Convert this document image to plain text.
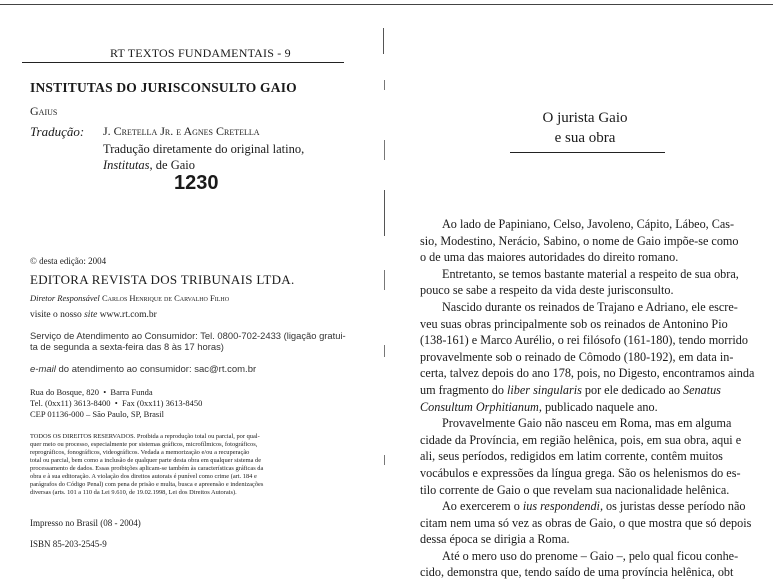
RT TEXTOS FUNDAMENTAIS - 9
INSTITUTAS DO JURISCONSULTO GAIO
Gaius
Tradução: J. Cretella Jr. e Agnes Cretella
Tradução diretamente do original latino,
Institutas, de Gaio
1230
© desta edição: 2004
EDITORA REVISTA DOS TRIBUNAIS LTDA.
Diretor Responsável Carlos Henrique de Carvalho Filho
visite o nosso site www.rt.com.br
Serviço de Atendimento ao Consumidor: Tel. 0800-702-2433 (ligação gratui-
ta de segunda a sexta-feira das 8 às 17 horas)
e-mail do atendimento ao consumidor: sac@rt.com.br
Rua do Bosque, 820  •  Barra Funda
Tel. (0xx11) 3613-8400  •  Fax (0xx11) 3613-8450
CEP 01136-000 – São Paulo, SP, Brasil
TODOS OS DIREITOS RESERVADOS. Proibida a reprodução total ou parcial, por qual-
quer meio ou processo, especialmente por sistemas gráficos, microfílmicos, fotográficos,
reprográficos, fonográficos, videográficos. Vedada a memorização e/ou a recuperação
total ou parcial, bem como a inclusão de qualquer parte desta obra em qualquer sistema de
processamento de dados. Essas proibições aplicam-se também às características gráficas da
obra e à sua editoração. A violação dos direitos autorais é punível como crime (art. 184 e
parágrafos do Código Penal) com pena de prisão e multa, busca e apreensão e indenizações
diversas (arts. 101 a 110 da Lei 9.610, de 19.02.1998, Lei dos Direitos Autorais).
Impresso no Brasil (08 - 2004)
ISBN 85-203-2545-9
O jurista Gaio
e sua obra

Ao lado de Papiniano, Celso, Javoleno, Cápito, Lábeo, Cas-

sio, Modestino, Nerácio, Sabino, o nome de Gaio impõe-se como

o de uma das maiores autoridades do direito romano.

Entretanto, se temos bastante material a respeito de sua obra,

pouco se sabe a respeito da vida deste jurisconsulto.

Nascido durante os reinados de Trajano e Adriano, ele escre-

veu suas obras principalmente sob os reinados de Antonino Pio

(138-161) e Marco Aurélio, o rei filósofo (161-180), tendo morrido

provavelmente sob o reinado de Cômodo (180-192), em data in-

certa, talvez depois do ano 178, pois, no Digesto, encontramos ainda

um fragmento do liber singularis por ele dedicado ao Senatus

Consultum Orphitianum, publicado naquele ano.

Provavelmente Gaio não nasceu em Roma, mas em alguma

cidade da Província, em região helênica, pois, em sua obra, aqui e

ali, seus períodos, redigidos em latim corrente, contêm muitos

vocábulos e expressões da língua grega. São os helenismos do es-

tilo corrente de Gaio o que revelam sua nacionalidade helênica.

Ao exercerem o ius respondendi, os juristas desse período não

citam nem uma só vez as obras de Gaio, o que mostra que só depois

dessa época se dirigia a Roma.

Até o mero uso do prenome – Gaio –, pelo qual ficou conhe-

cido, demonstra que, tendo saído de uma província helênica, obt
